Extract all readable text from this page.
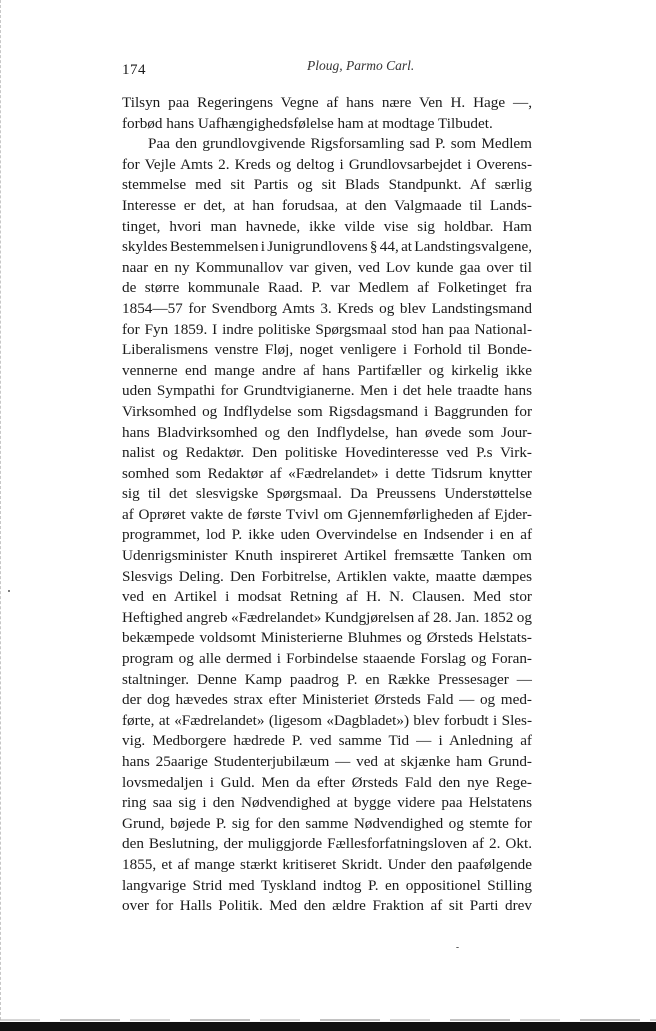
174	Ploug, Parmo Carl.
Tilsyn paa Regeringens Vegne af hans nære Ven H. Hage —,
forbød hans Uafhængighedsfølelse ham at modtage Tilbudet.
Paa den grundlovgivende Rigsforsamling sad P. som Medlem
for Vejle Amts 2. Kreds og deltog i Grundlovsarbejdet i Overens-
stemmelse med sit Partis og sit Blads Standpunkt. Af særlig
Interesse er det, at han forudsaa, at den Valgmaade til Lands-
tinget, hvori man havnede, ikke vilde vise sig holdbar. Ham
skyldes Bestemmelsen i Junigrundlovens § 44, at Landstingsvalgene,
naar en ny Kommunallov var given, ved Lov kunde gaa over til
de større kommunale Raad. P. var Medlem af Folketinget fra
1854—57 for Svendborg Amts 3. Kreds og blev Landstingsmand
for Fyn 1859. I indre politiske Spørgsmaal stod han paa National-
Liberalismens venstre Fløj, noget venligere i Forhold til Bonde-
vennerne end mange andre af hans Partifæller og kirkelig ikke
uden Sympathi for Grundtvigianerne. Men i det hele traadte hans
Virksomhed og Indflydelse som Rigsdagsmand i Baggrunden for
hans Bladvirksomhed og den Indflydelse, han øvede som Jour-
nalist og Redaktør. Den politiske Hovedinteresse ved P.s Virk-
somhed som Redaktør af «Fædrelandet» i dette Tidsrum knytter
sig til det slesvigske Spørgsmaal. Da Preussens Understøttelse
af Oprøret vakte de første Tvivl om Gjennemførligheden af Ejder-
programmet, lod P. ikke uden Overvindelse en Indsender i en af
Udenrigsminister Knuth inspireret Artikel fremsætte Tanken om
Slesvigs Deling. Den Forbitrelse, Artiklen vakte, maatte dæmpes
ved en Artikel i modsat Retning af H. N. Clausen. Med stor
Heftighed angreb «Fædrelandet» Kundgjørelsen af 28. Jan. 1852 og
bekæmpede voldsomt Ministerierne Bluhmes og Ørsteds Helstats-
program og alle dermed i Forbindelse staaende Forslag og Foran-
staltninger. Denne Kamp paadrog P. en Række Pressesager —
der dog hævedes strax efter Ministeriet Ørsteds Fald — og med-
førte, at «Fædrelandet» (ligesom «Dagbladet») blev forbudt i Sles-
vig. Medborgere hædrede P. ved samme Tid — i Anledning af
hans 25aarige Studenterjubilæum — ved at skjænke ham Grund-
lovsmedaljen i Guld. Men da efter Ørsteds Fald den nye Rege-
ring saa sig i den Nødvendighed at bygge videre paa Helstatens
Grund, bøjede P. sig for den samme Nødvendighed og stemte for
den Beslutning, der muliggjorde Fællesforfatningsloven af 2. Okt.
1855, et af mange stærkt kritiseret Skridt. Under den paafølgende
langvarige Strid med Tyskland indtog P. en oppositionel Stilling
over for Halls Politik. Med den ældre Fraktion af sit Parti drev
